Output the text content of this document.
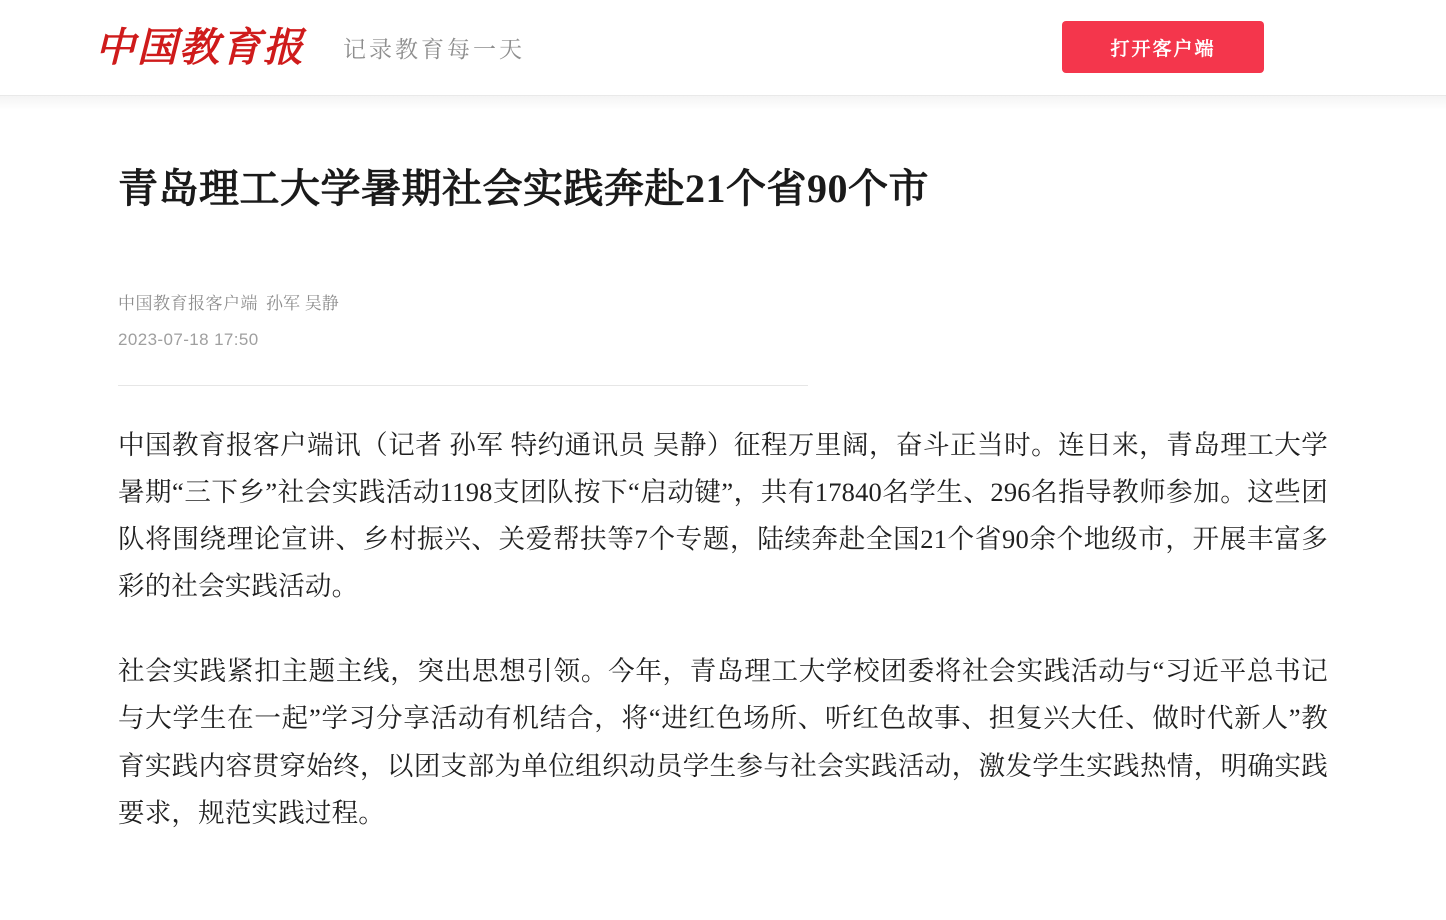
中国教育报 记录教育每一天	打开客户端
青岛理工大学暑期社会实践奔赴21个省90个市
中国教育报客户端 孙军 吴静
2023-07-18 17:50

中国教育报客户端讯（记者 孙军 特约通讯员 吴静）征程万里阔，奋斗正当时。连日来，青岛理工大学暑期“三下乡”社会实践活动1198支团队按下“启动键”，共有17840名学生、296名指导教师参加。这些团队将围绕理论宣讲、乡村振兴、关爱帮扶等7个专题，陆续奔赴全国21个省90余个地级市，开展丰富多彩的社会实践活动。

社会实践紧扣主题主线，突出思想引领。今年，青岛理工大学校团委将社会实践活动与“习近平总书记与大学生在一起”学习分享活动有机结合，将“进红色场所、听红色故事、担复兴大任、做时代新人”教育实践内容贯穿始终，以团支部为单位组织动员学生参与社会实践活动，激发学生实践热情，明确实践要求，规范实践过程。
